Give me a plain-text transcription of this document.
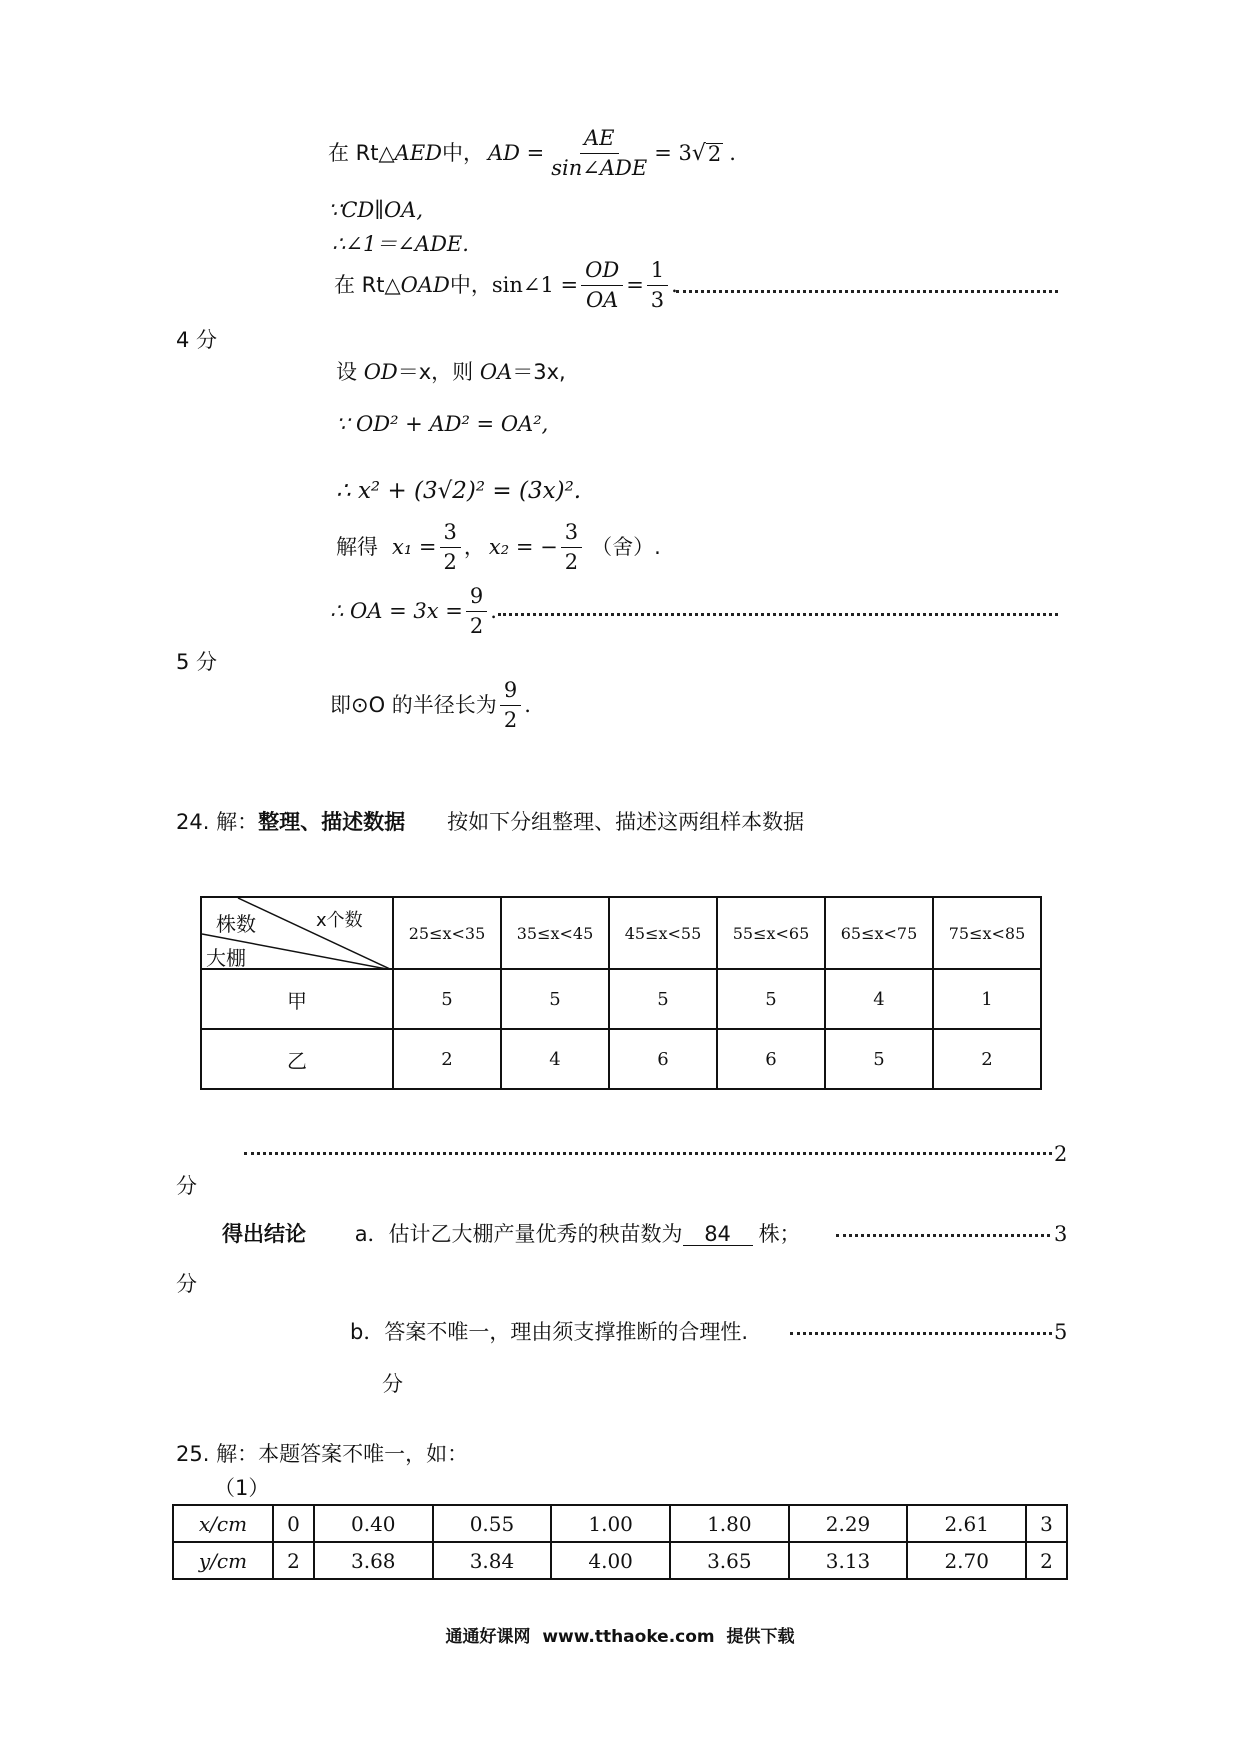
在 Rt△ AED 中， AD = $\frac{AE}{\text{sin∠ADE}} = 3$ √ 2 .
∵CD∥OA,
∴∠1＝∠ADE.
在 Rt△ OAD 中， sin∠1 = $\frac{OD}{OA} = \frac{1}{3}$ .
4 分
设 OD＝x，则 OA＝3x,
∵ OD² + AD² = OA²,
∴ x² + (3√2)² = (3x)².
解得 $x_1 = \frac{3}{2}$ ， x₂ = − $\frac{3}{2}$ （舍）.
∴ OA = $3x = \frac{9}{2}$ .
5 分
即⊙O 的半径长为 $\frac{9}{2}$ .
24. 解：整理、描述数据 按如下分组整理、描述这两组样本数据
株数 x个数
大棚	25≤x<35	35≤x<45	45≤x<55	55≤x<65	65≤x<75	75≤x<85
甲	5	5	5	5	4	1
乙	2	4	6	6	5	2
2
分
得出结论 a．估计乙大棚产量优秀的秧苗数为 84 株；	3
分
b．答案不唯一，理由须支撑推断的合理性.	5
分
25. 解：本题答案不唯一，如：
（1）
x/cm	0	0.40	0.55	1.00	1.80	2.29	2.61	3
y/cm	2	3.68	3.84	4.00	3.65	3.13	2.70	2
通通好课网  www.tthaoke.com  提供下载
